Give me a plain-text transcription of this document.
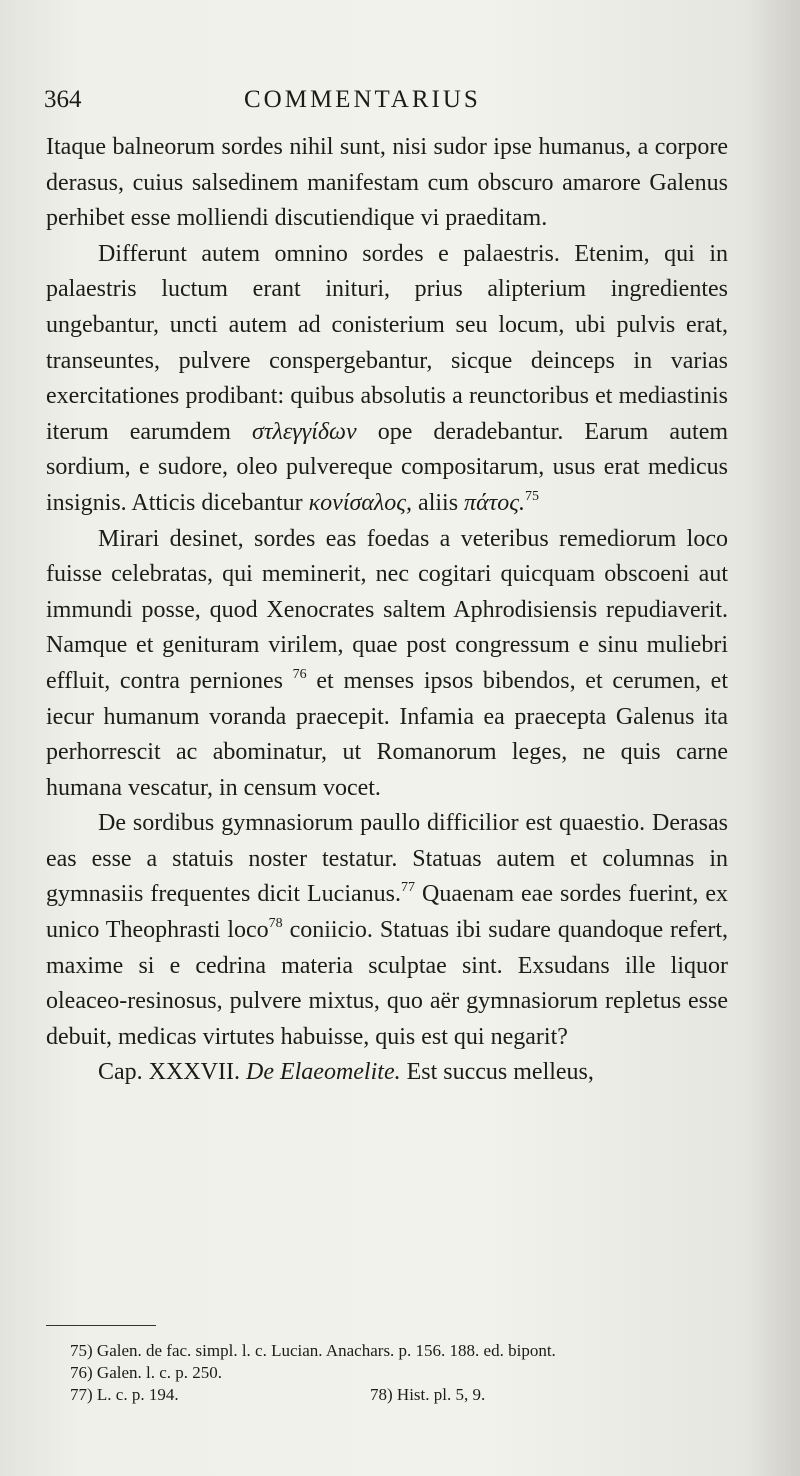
364	COMMENTARIUS

Itaque balneorum sordes nihil sunt, nisi sudor ipse humanus, a corpore derasus, cuius salsedinem manifestam cum obscuro amarore Galenus perhibet esse molliendi discutiendique vi praeditam.

Differunt autem omnino sordes e palaestris. Etenim, qui in palaestris luctum erant inituri, prius alipterium ingredientes ungebantur, uncti autem ad conisterium seu locum, ubi pulvis erat, transeuntes, pulvere conspergebantur, sicque deinceps in varias exercitationes prodibant: quibus absolutis a reunctoribus et mediastinis iterum earumdem στλεγγίδων ope deradebantur. Earum autem sordium, e sudore, oleo pulvereque compositarum, usus erat medicus insignis. Atticis dicebantur κονίσαλος, aliis πάτος.$^{75}$

Mirari desinet, sordes eas foedas a veteribus remediorum loco fuisse celebratas, qui meminerit, nec cogitari quicquam obscoeni aut immundi posse, quod Xenocrates saltem Aphrodisiensis repudiaverit. Namque et genituram virilem, quae post congressum e sinu muliebri effluit, contra perniones $^{76}$ et menses ipsos bibendos, et cerumen, et iecur humanum voranda praecepit. Infamia ea praecepta Galenus ita perhorrescit ac abominatur, ut Romanorum leges, ne quis carne humana vescatur, in censum vocet.

De sordibus gymnasiorum paullo difficilior est quaestio. Derasas eas esse a statuis noster testatur. Statuas autem et columnas in gymnasiis frequentes dicit Lucianus.$^{77}$ Quaenam eae sordes fuerint, ex unico Theophrasti loco$^{78}$ coniicio. Statuas ibi sudare quandoque refert, maxime si e cedrina materia sculptae sint. Exsudans ille liquor oleaceo-resinosus, pulvere mixtus, quo aër gymnasiorum repletus esse debuit, medicas virtutes habuisse, quis est qui negarit?

Cap. XXXVII. De Elaeomelite. Est succus melleus,

75) Galen. de fac. simpl. l. c. Lucian. Anachars. p. 156. 188. ed. bipont.

76) Galen. l. c. p. 250.

77) L. c. p. 194.	78) Hist. pl. 5, 9.
